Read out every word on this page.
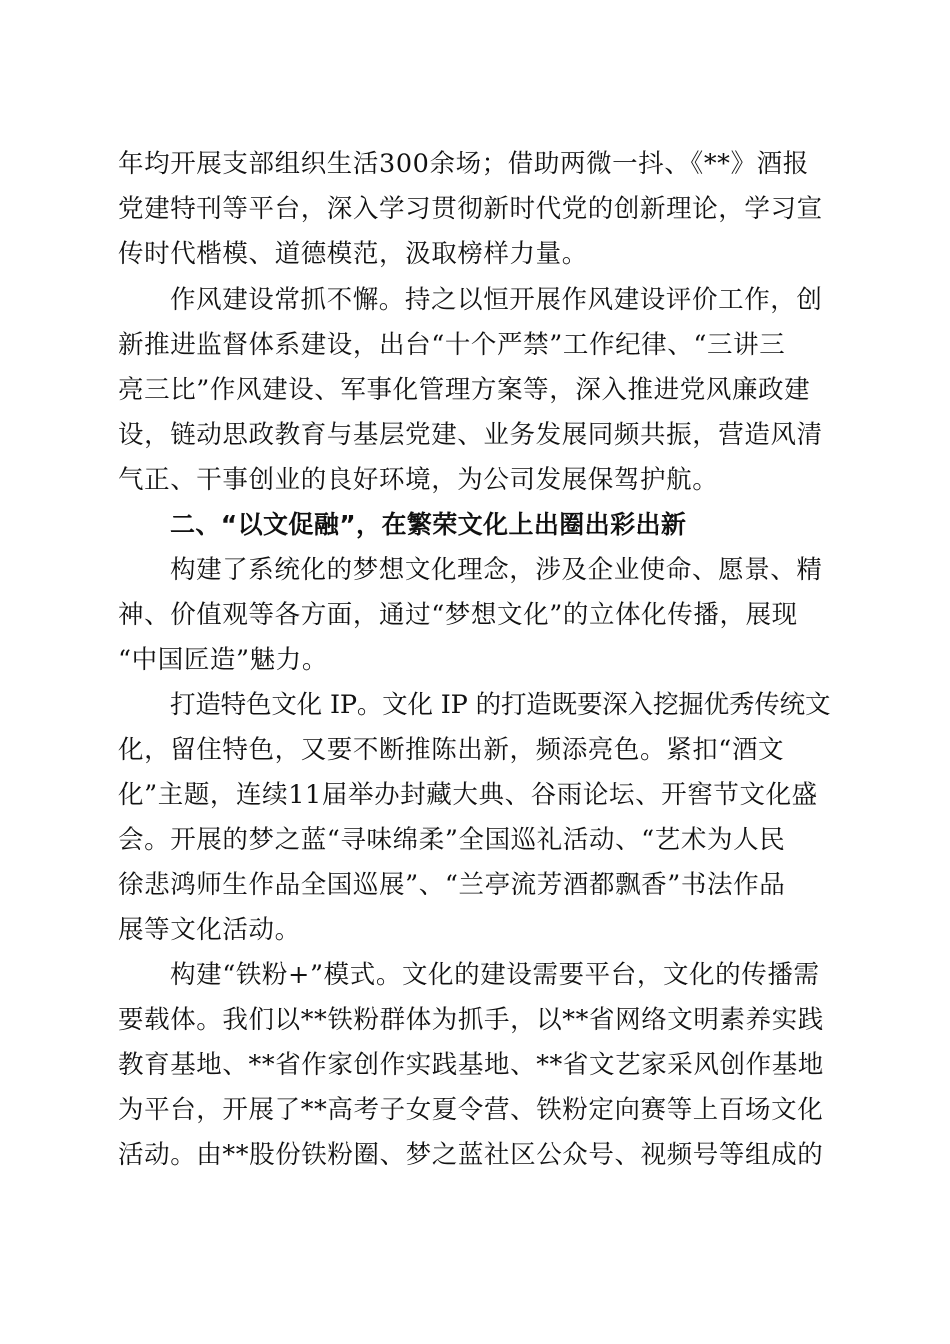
年均开展支部组织生活300余场；借助两微一抖、《**》酒报
党建特刊等平台，深入学习贯彻新时代党的创新理论，学习宣
传时代楷模、道德模范，汲取榜样力量。
作风建设常抓不懈。持之以恒开展作风建设评价工作，创
新推进监督体系建设，出台“十个严禁”工作纪律、“三讲三
亮三比”作风建设、军事化管理方案等，深入推进党风廉政建
设，链动思政教育与基层党建、业务发展同频共振，营造风清
气正、干事创业的良好环境，为公司发展保驾护航。
二、“以文促融”，在繁荣文化上出圈出彩出新
构建了系统化的梦想文化理念，涉及企业使命、愿景、精
神、价值观等各方面，通过“梦想文化”的立体化传播，展现
“中国匠造”魅力。
打造特色文化 IP。文化 IP 的打造既要深入挖掘优秀传统文
化，留住特色，又要不断推陈出新，频添亮色。紧扣“酒文
化”主题，连续11届举办封藏大典、谷雨论坛、开窖节文化盛
会。开展的梦之蓝“寻味绵柔”全国巡礼活动、“艺术为人民
徐悲鸿师生作品全国巡展”、“兰亭流芳酒都飘香”书法作品
展等文化活动。
构建“铁粉+”模式。文化的建设需要平台，文化的传播需
要载体。我们以**铁粉群体为抓手，以**省网络文明素养实践
教育基地、**省作家创作实践基地、**省文艺家采风创作基地
为平台，开展了**高考子女夏令营、铁粉定向赛等上百场文化
活动。由**股份铁粉圈、梦之蓝社区公众号、视频号等组成的
